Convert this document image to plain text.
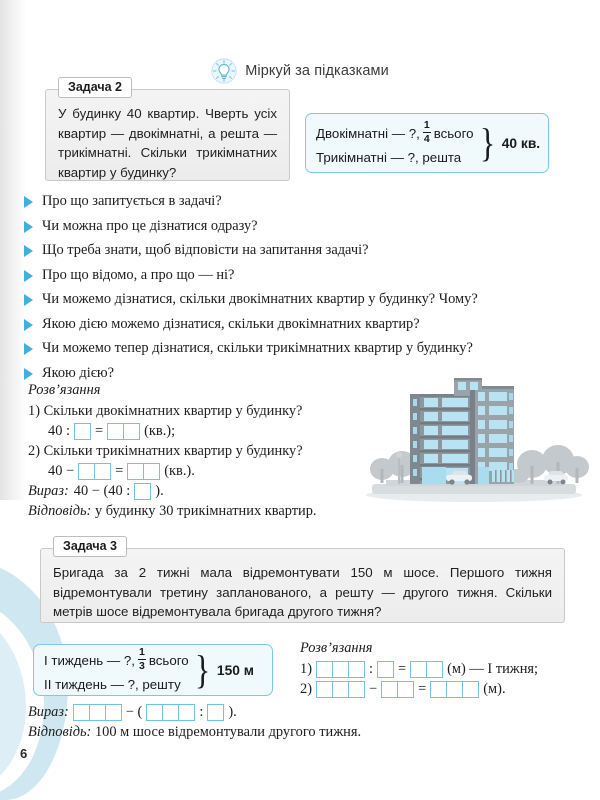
Міркуй за підказками
Задача 2
У будинку 40 квартир. Чверть усіх квартир — двокімнатні, а решта — трикімнатні. Скільки трикімнатних квартир у будинку?
Двокімнатні — ?, $\frac{1}{4}$ всього
Трикімнатні — ?, решта } 40 кв.
Про що запитується в задачі?
Чи можна про це дізнатися одразу?
Що треба знати, щоб відповісти на запитання задачі?
Про що відомо, а про що — ні?
Чи можемо дізнатися, скільки двокімнатних квартир у будинку? Чому?
Якою дією можемо дізнатися, скільки двокімнатних квартир?
Чи можемо тепер дізнатися, скільки трикімнатних квартир у будинку?
Якою дією?
Розв’язання
1) Скільки двокімнатних квартир у будинку?
40 : =	(кв.);
2) Скільки трикімнатних квартир у будинку?
40 −	=	(кв.).
Вираз: 40 − (40 : ).
Відповідь: у будинку 30 трикімнатних квартир.
Задача 3
Бригада за 2 тижні мала відремонтувати 150 м шосе. Першого тижня відремонтували третину запланованого, а решту — другого тижня. Скільки метрів шосе відремонтувала бригада другого тижня?
I тиждень — ?, $\frac{1}{3}$ всього
II тиждень — ?, решту } 150 м
Розв’язання
1)	: =	(м) — I тижня;
2)	−	=	(м).
Вираз:	− (	: ).
Відповідь: 100 м шосе відремонтували другого тижня.
6
